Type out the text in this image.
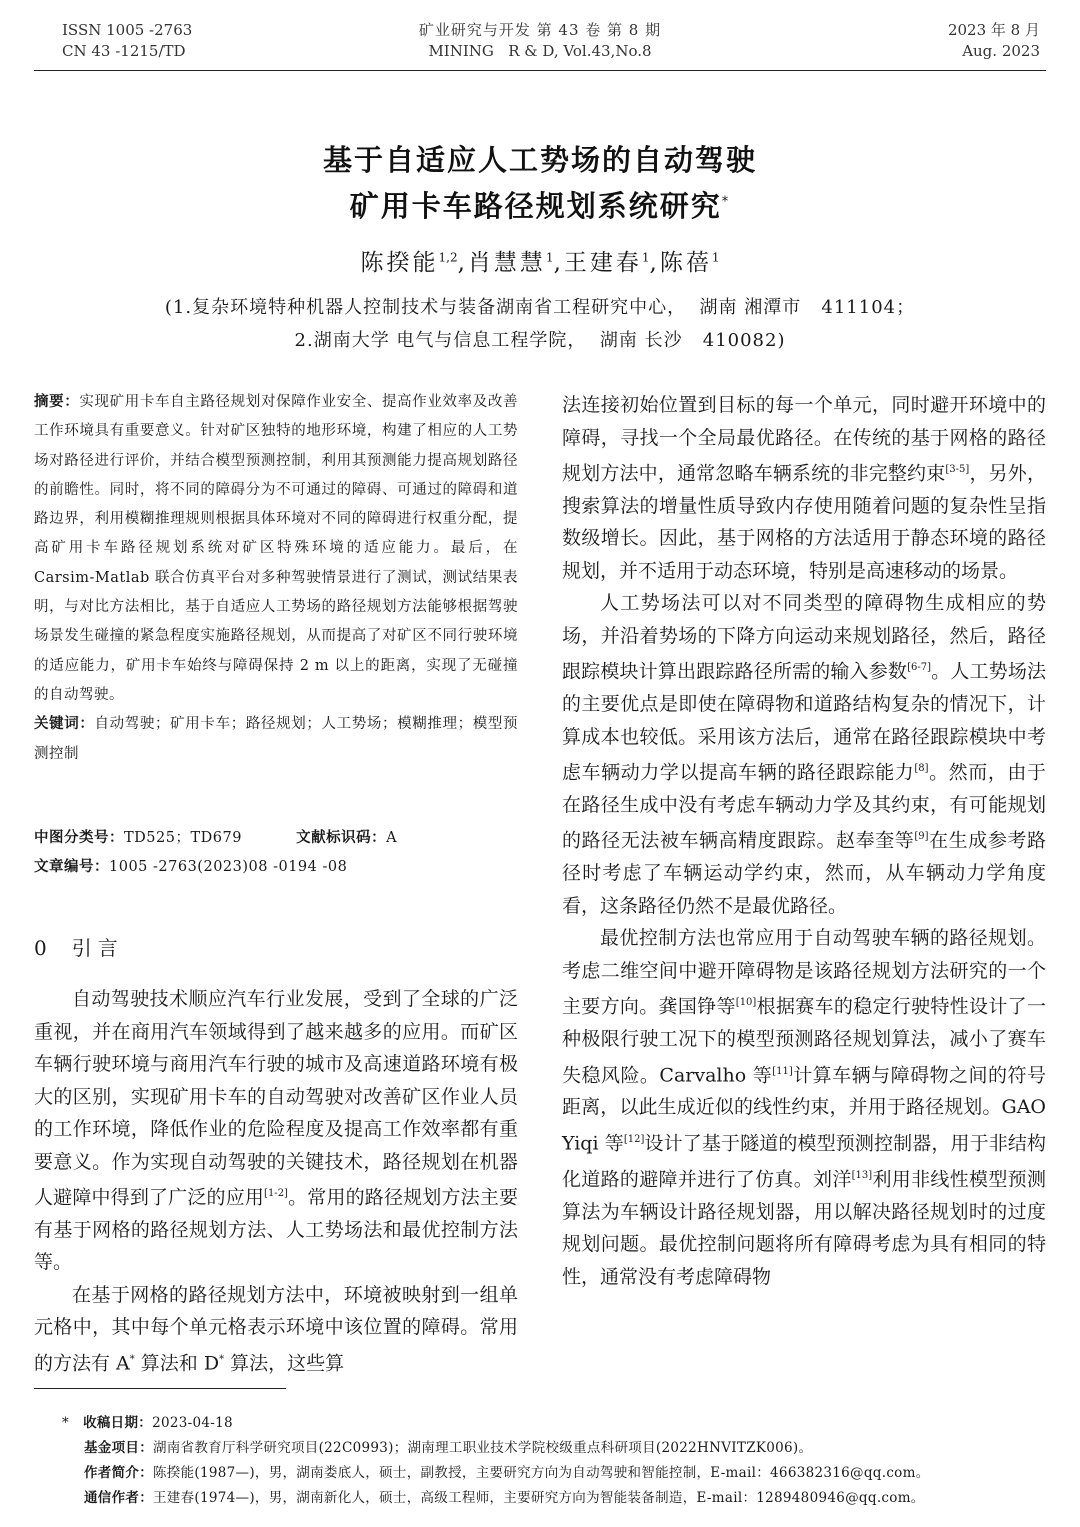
ISSN 1005 -2763
CN 43 -1215/TD
矿业研究与开发 第 43 卷 第 8 期
MINING   R & D, Vol.43,No.8
2023 年 8 月
Aug. 2023
基于自适应人工势场的自动驾驶
矿用卡车路径规划系统研究*
陈揆能$^{1,2}$,肖慧慧$^1$,王建春$^1$,陈蓓$^1$
(1.复杂环境特种机器人控制技术与装备湖南省工程研究中心，  湖南 湘潭市   411104；
2.湖南大学 电气与信息工程学院，  湖南 长沙   410082)

摘要：实现矿用卡车自主路径规划对保障作业安全、提高作业效率及改善工作环境具有重要意义。针对矿区独特的地形环境，构建了相应的人工势场对路径进行评价，并结合模型预测控制，利用其预测能力提高规划路径的前瞻性。同时，将不同的障碍分为不可通过的障碍、可通过的障碍和道路边界，利用模糊推理规则根据具体环境对不同的障碍进行权重分配，提高矿用卡车路径规划系统对矿区特殊环境的适应能力。最后，在 Carsim-Matlab 联合仿真平台对多种驾驶情景进行了测试，测试结果表明，与对比方法相比，基于自适应人工势场的路径规划方法能够根据驾驶场景发生碰撞的紧急程度实施路径规划，从而提高了对矿区不同行驶环境的适应能力，矿用卡车始终与障碍保持 2 m 以上的距离，实现了无碰撞的自动驾驶。

关键词：自动驾驶；矿用卡车；路径规划；人工势场；模糊推理；模型预测控制

中图分类号：TD525；TD679	文献标识码：A
文章编号：1005 -2763(2023)08 -0194 -08
0 引言

自动驾驶技术顺应汽车行业发展，受到了全球的广泛重视，并在商用汽车领域得到了越来越多的应用。而矿区车辆行驶环境与商用汽车行驶的城市及高速道路环境有极大的区别，实现矿用卡车的自动驾驶对改善矿区作业人员的工作环境，降低作业的危险程度及提高工作效率都有重要意义。作为实现自动驾驶的关键技术，路径规划在机器人避障中得到了广泛的应用[1-2]。常用的路径规划方法主要有基于网格的路径规划方法、人工势场法和最优控制方法等。

在基于网格的路径规划方法中，环境被映射到一组单元格中，其中每个单元格表示环境中该位置的障碍。常用的方法有 A* 算法和 D* 算法，这些算

法连接初始位置到目标的每一个单元，同时避开环境中的障碍，寻找一个全局最优路径。在传统的基于网格的路径规划方法中，通常忽略车辆系统的非完整约束[3-5]，另外，搜索算法的增量性质导致内存使用随着问题的复杂性呈指数级增长。因此，基于网格的方法适用于静态环境的路径规划，并不适用于动态环境，特别是高速移动的场景。

人工势场法可以对不同类型的障碍物生成相应的势场，并沿着势场的下降方向运动来规划路径，然后，路径跟踪模块计算出跟踪路径所需的输入参数[6-7]。人工势场法的主要优点是即使在障碍物和道路结构复杂的情况下，计算成本也较低。采用该方法后，通常在路径跟踪模块中考虑车辆动力学以提高车辆的路径跟踪能力[8]。然而，由于在路径生成中没有考虑车辆动力学及其约束，有可能规划的路径无法被车辆高精度跟踪。赵奉奎等[9]在生成参考路径时考虑了车辆运动学约束，然而，从车辆动力学角度看，这条路径仍然不是最优路径。

最优控制方法也常应用于自动驾驶车辆的路径规划。考虑二维空间中避开障碍物是该路径规划方法研究的一个主要方向。龚国铮等[10]根据赛车的稳定行驶特性设计了一种极限行驶工况下的模型预测路径规划算法，减小了赛车失稳风险。Carvalho 等[11]计算车辆与障碍物之间的符号距离，以此生成近似的线性约束，并用于路径规划。GAO Yiqi 等[12]设计了基于隧道的模型预测控制器，用于非结构化道路的避障并进行了仿真。刘洋[13]利用非线性模型预测算法为车辆设计路径规划器，用以解决路径规划时的过度规划问题。最优控制问题将所有障碍考虑为具有相同的特性，通常没有考虑障碍物

* 收稿日期：2023-04-18
基金项目：湖南省教育厅科学研究项目(22C0993)；湖南理工职业技术学院校级重点科研项目(2022HNVITZK006)。
作者简介：陈揆能(1987—)，男，湖南娄底人，硕士，副教授，主要研究方向为自动驾驶和智能控制，E-mail：466382316@qq.com。
通信作者：王建春(1974—)，男，湖南新化人，硕士，高级工程师，主要研究方向为智能装备制造，E-mail：1289480946@qq.com。
